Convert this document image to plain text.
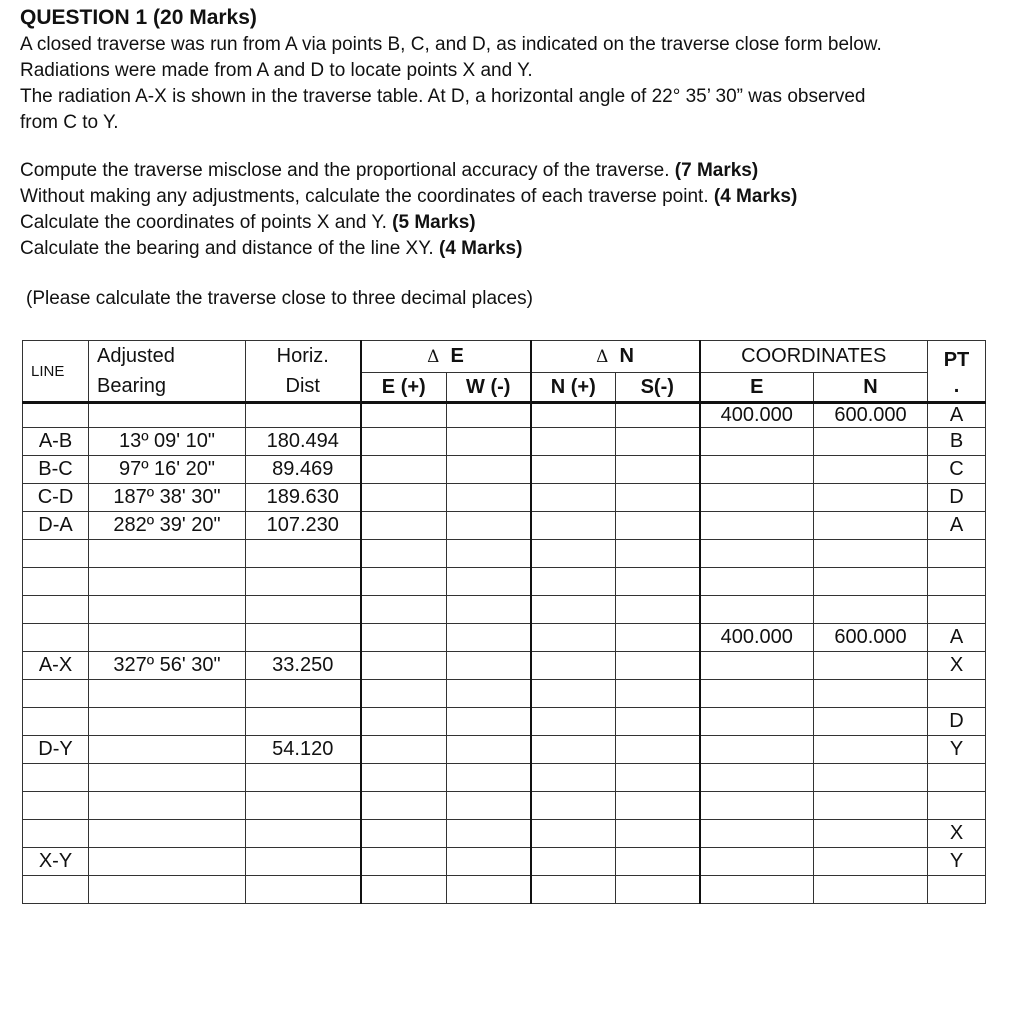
QUESTION 1 (20 Marks)
A closed traverse was run from A via points B, C, and D, as indicated on the traverse close form below.
Radiations were made from A and D to locate points X and Y.
The radiation A-X is shown in the traverse table. At D, a horizontal angle of 22° 35’ 30” was observed
from C to Y.
Compute the traverse misclose and the proportional accuracy of the traverse. (7 Marks)
Without making any adjustments, calculate the coordinates of each traverse point. (4 Marks)
Calculate the coordinates of points X and Y. (5 Marks)
Calculate the bearing and distance of the line XY. (4 Marks)
(Please calculate the traverse close to three decimal places)
LINE	Adjusted	Horiz.	Δ E		Δ N		COORDINATES		PT
.
	Bearing	Dist	E (+)	W (-)	N (+)	S(-)	E	N	
							400.000	600.000	A
A-B	13º 09' 10"	180.494							B
B-C	97º 16' 20"	89.469							C
C-D	187º 38' 30"	189.630							D
D-A	282º 39' 20"	107.230							A

							400.000	600.000	A
A-X	327º 56' 30"	33.250							X

									D
D-Y		54.120							Y

									X
X-Y									Y
